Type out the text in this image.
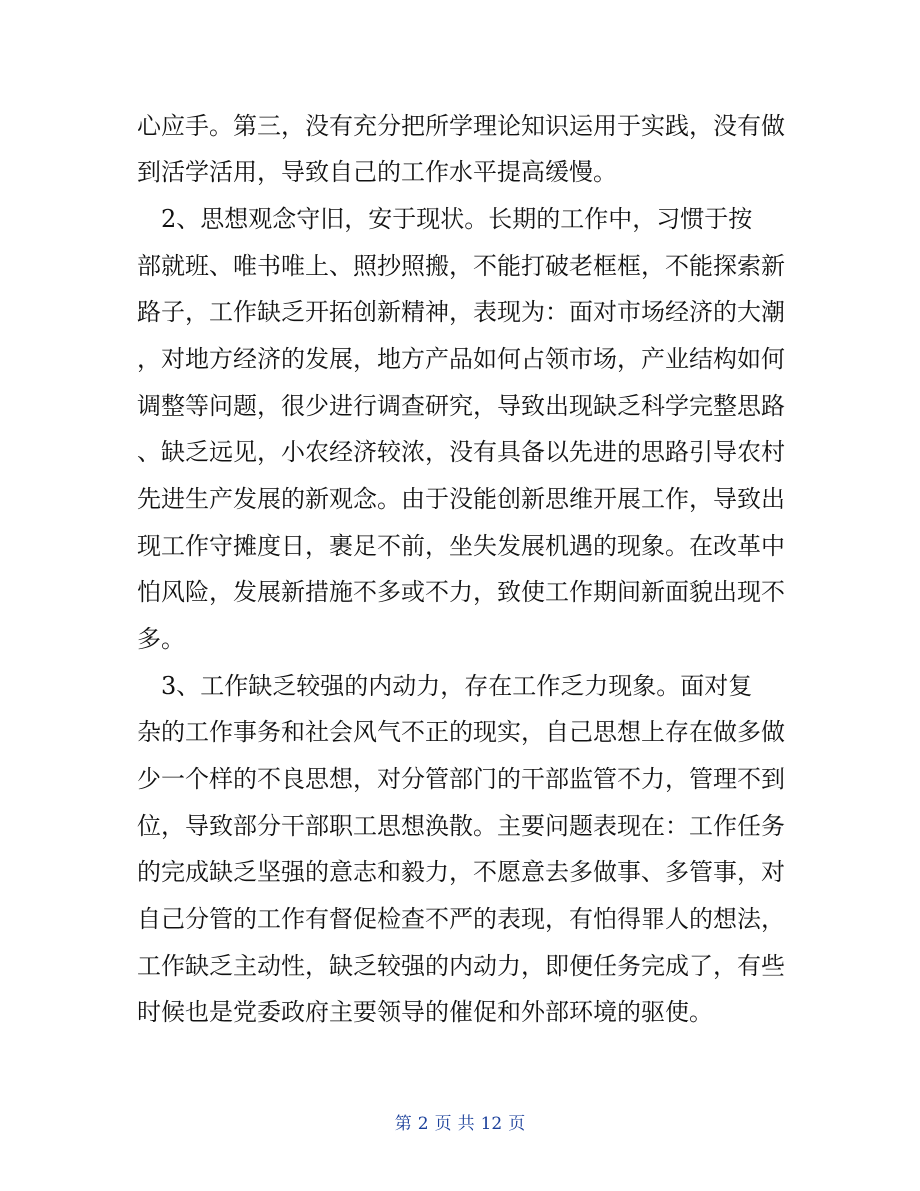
心应手。第三，没有充分把所学理论知识运用于实践，没有做
到活学活用，导致自己的工作水平提高缓慢。
　2、思想观念守旧，安于现状。长期的工作中，习惯于按
部就班、唯书唯上、照抄照搬，不能打破老框框，不能探索新
路子，工作缺乏开拓创新精神，表现为：面对市场经济的大潮
，对地方经济的发展，地方产品如何占领市场，产业结构如何
调整等问题，很少进行调查研究，导致出现缺乏科学完整思路
、缺乏远见，小农经济较浓，没有具备以先进的思路引导农村
先进生产发展的新观念。由于没能创新思维开展工作，导致出
现工作守摊度日，裹足不前，坐失发展机遇的现象。在改革中
怕风险，发展新措施不多或不力，致使工作期间新面貌出现不
多。
　3、工作缺乏较强的内动力，存在工作乏力现象。面对复
杂的工作事务和社会风气不正的现实，自己思想上存在做多做
少一个样的不良思想，对分管部门的干部监管不力，管理不到
位，导致部分干部职工思想涣散。主要问题表现在：工作任务
的完成缺乏坚强的意志和毅力，不愿意去多做事、多管事，对
自己分管的工作有督促检查不严的表现，有怕得罪人的想法，
工作缺乏主动性，缺乏较强的内动力，即便任务完成了，有些
时候也是党委政府主要领导的催促和外部环境的驱使。
第 2 页 共 12 页
